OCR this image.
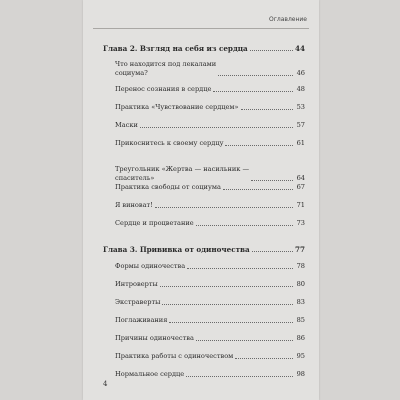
Оглавление
Глава 2. Взгляд на себя из сердца	44
Что находится под лекалами
социума?	46
Перенос сознания в сердце	48
Практика «Чувствование сердцем»	53
Маски	57
Прикоснитесь к своему сердцу	61
Треугольник «Жертва — насильник —
спаситель»	64
Практика свободы от социума	67
Я виноват!	71
Сердце и процветание	73
Глава 3. Прививка от одиночества	77
Формы одиночества	78
Интроверты	80
Экстраверты	83
Поглаживания	85
Причины одиночества	86
Практика работы с одиночеством	95
Нормальное сердце	98
4
